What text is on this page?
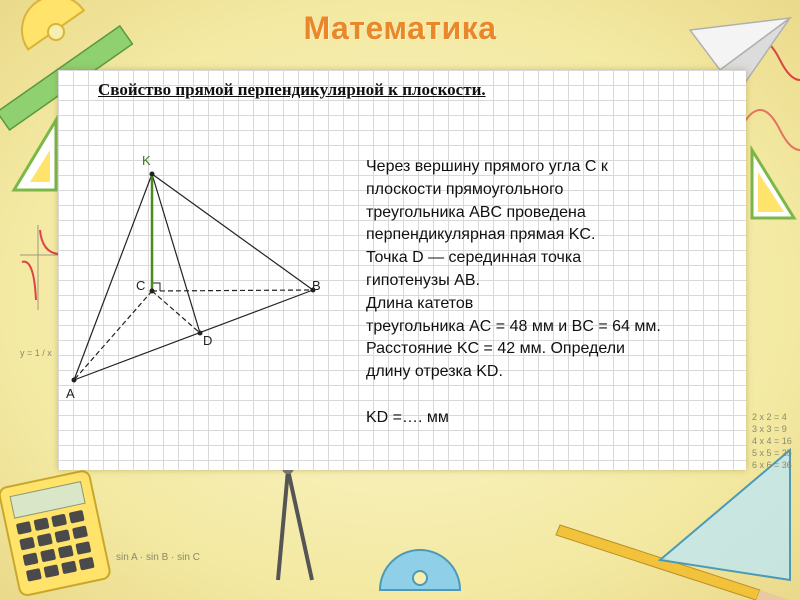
y = 1 / x
2 x 2 = 4
3 x 3 = 9
4 x 4 = 16
5 x 5 = 25
6 x 6 = 36
sin A · sin B · sin C
Математика
Свойство прямой перпендикулярной к плоскости.
K
C	B
D
A
Через вершину прямого угла C к
плоскости прямоугольного
треугольника ABC проведена
перпендикулярная прямая KC.
Точка D — серединная точка
гипотенузы AB.
Длина катетов
треугольника AC = 48 мм и BC = 64 мм.
Расстояние KC = 42 мм. Определи
длину отрезка KD.
KD =…. мм
